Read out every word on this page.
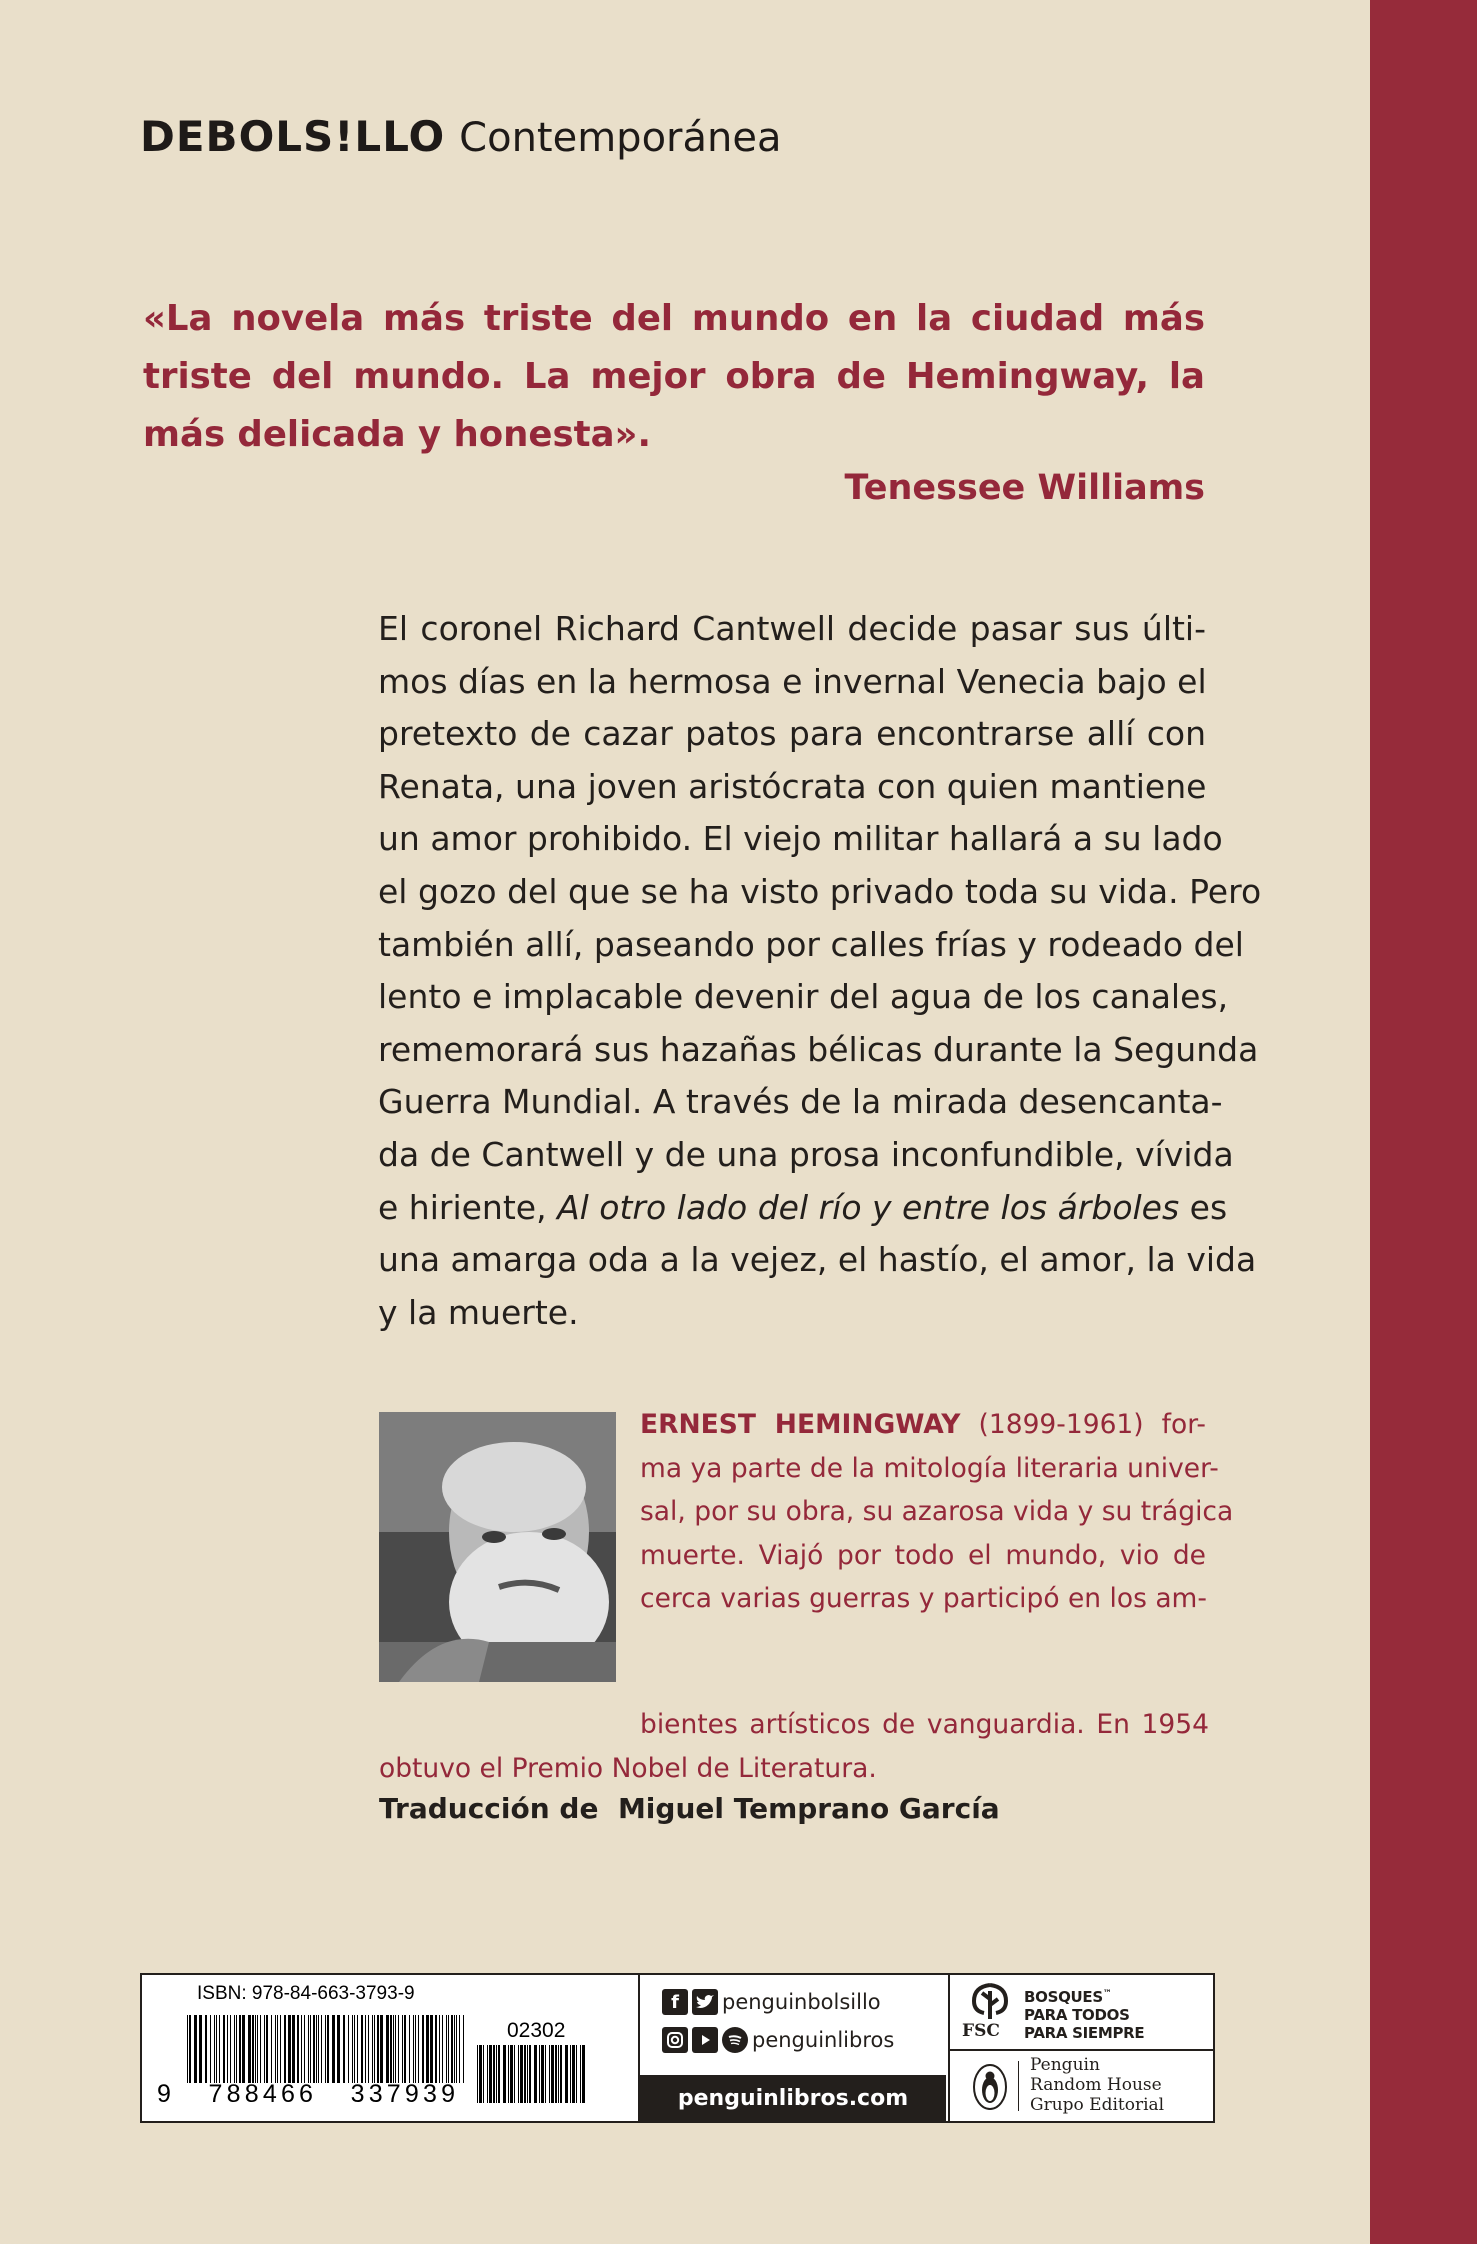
DEBOLS!LLO Contemporánea
«La novela más triste del mundo en la ciudad más triste del mundo. La mejor obra de Hemingway, la más delicada y honesta».
Tenessee Williams
El coronel Richard Cantwell decide pasar sus últi-
mos días en la hermosa e invernal Venecia bajo el
pretexto de cazar patos para encontrarse allí con
Renata, una joven aristócrata con quien mantiene
un amor prohibido. El viejo militar hallará a su lado
el gozo del que se ha visto privado toda su vida. Pero
también allí, paseando por calles frías y rodeado del
lento e implacable devenir del agua de los canales,
rememorará sus hazañas bélicas durante la Segunda
Guerra Mundial. A través de la mirada desencanta-
da de Cantwell y de una prosa inconfundible, vívida
e hiriente, Al otro lado del río y entre los árboles es
una amarga oda a la vejez, el hastío, el amor, la vida
y la muerte.
ERNEST HEMINGWAY (1899-1961) for-
ma ya parte de la mitología literaria univer-
sal, por su obra, su azarosa vida y su trágica
muerte. Viajó por todo el mundo, vio de
cerca varias guerras y participó en los am-
bientes artísticos de vanguardia. En 1954
obtuvo el Premio Nobel de Literatura.
Traducción de  Miguel Temprano García
ISBN: 978-84-663-3793-9
02302
9   788466   337939
f	penguinbolsillo
penguinlibros
penguinlibros.com
FSC
BOSQUES™
PARA TODOS
PARA SIEMPRE
Penguin
Random House
Grupo Editorial
